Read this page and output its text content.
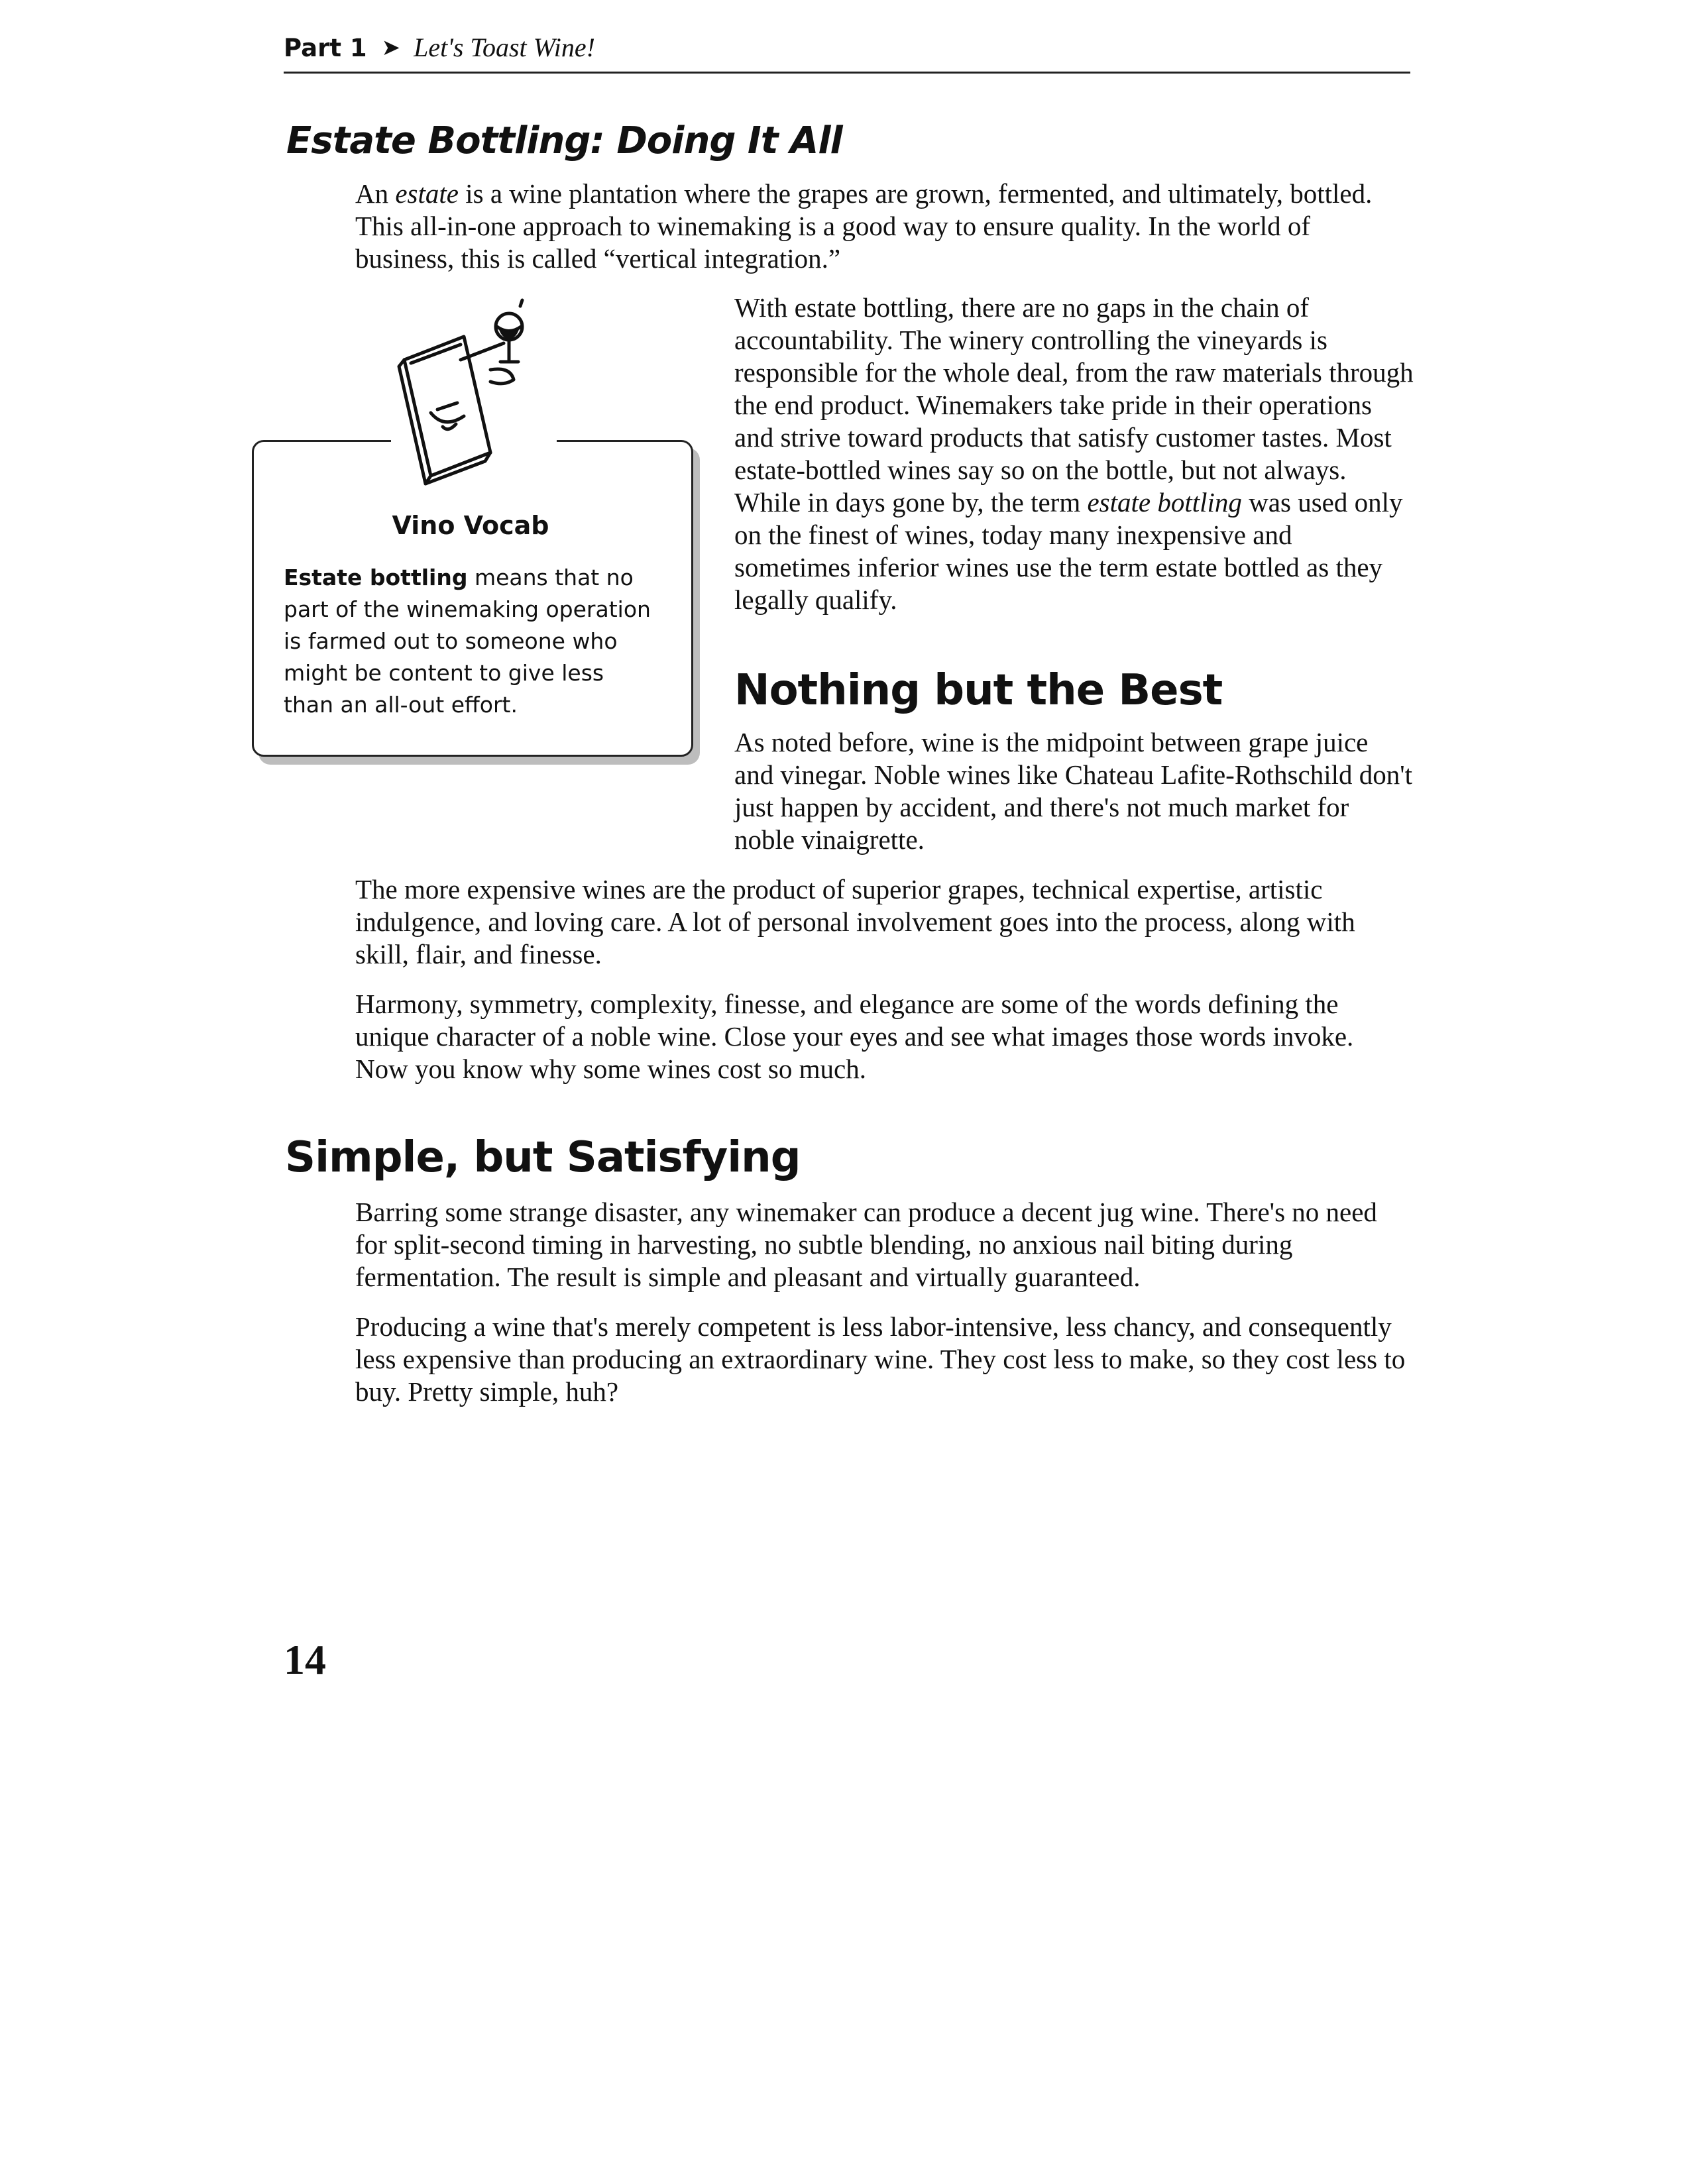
Part 1 ➤ Let's Toast Wine!
Estate Bottling: Doing It All

An estate is a wine plantation where the grapes are grown, fermented, and ultimately, bottled. This all-in-one approach to winemaking is a good way to ensure quality. In the world of business, this is called “vertical integration.”

Vino Vocab
Estate bottling means that no part of the winemaking operation is farmed out to someone who might be content to give less than an all-out effort.

With estate bottling, there are no gaps in the chain of accountability. The winery controlling the vineyards is responsible for the whole deal, from the raw materials through the end product. Winemakers take pride in their operations and strive toward products that satisfy customer tastes. Most estate-bottled wines say so on the bottle, but not always. While in days gone by, the term estate bottling was used only on the finest of wines, today many inexpensive and sometimes inferior wines use the term estate bottled as they legally qualify.

Nothing but the Best

As noted before, wine is the midpoint between grape juice and vinegar. Noble wines like Chateau Lafite-Rothschild don't just happen by accident, and there's not much market for noble vinaigrette.

The more expensive wines are the product of superior grapes, technical expertise, artistic indulgence, and loving care. A lot of personal involvement goes into the process, along with skill, flair, and finesse.

Harmony, symmetry, complexity, finesse, and elegance are some of the words defining the unique character of a noble wine. Close your eyes and see what images those words invoke. Now you know why some wines cost so much.

Simple, but Satisfying

Barring some strange disaster, any winemaker can produce a decent jug wine. There's no need for split-second timing in harvesting, no subtle blending, no anxious nail biting during fermentation. The result is simple and pleasant and virtually guaranteed.

Producing a wine that's merely competent is less labor-intensive, less chancy, and consequently less expensive than producing an extraordinary wine. They cost less to make, so they cost less to buy. Pretty simple, huh?

14
